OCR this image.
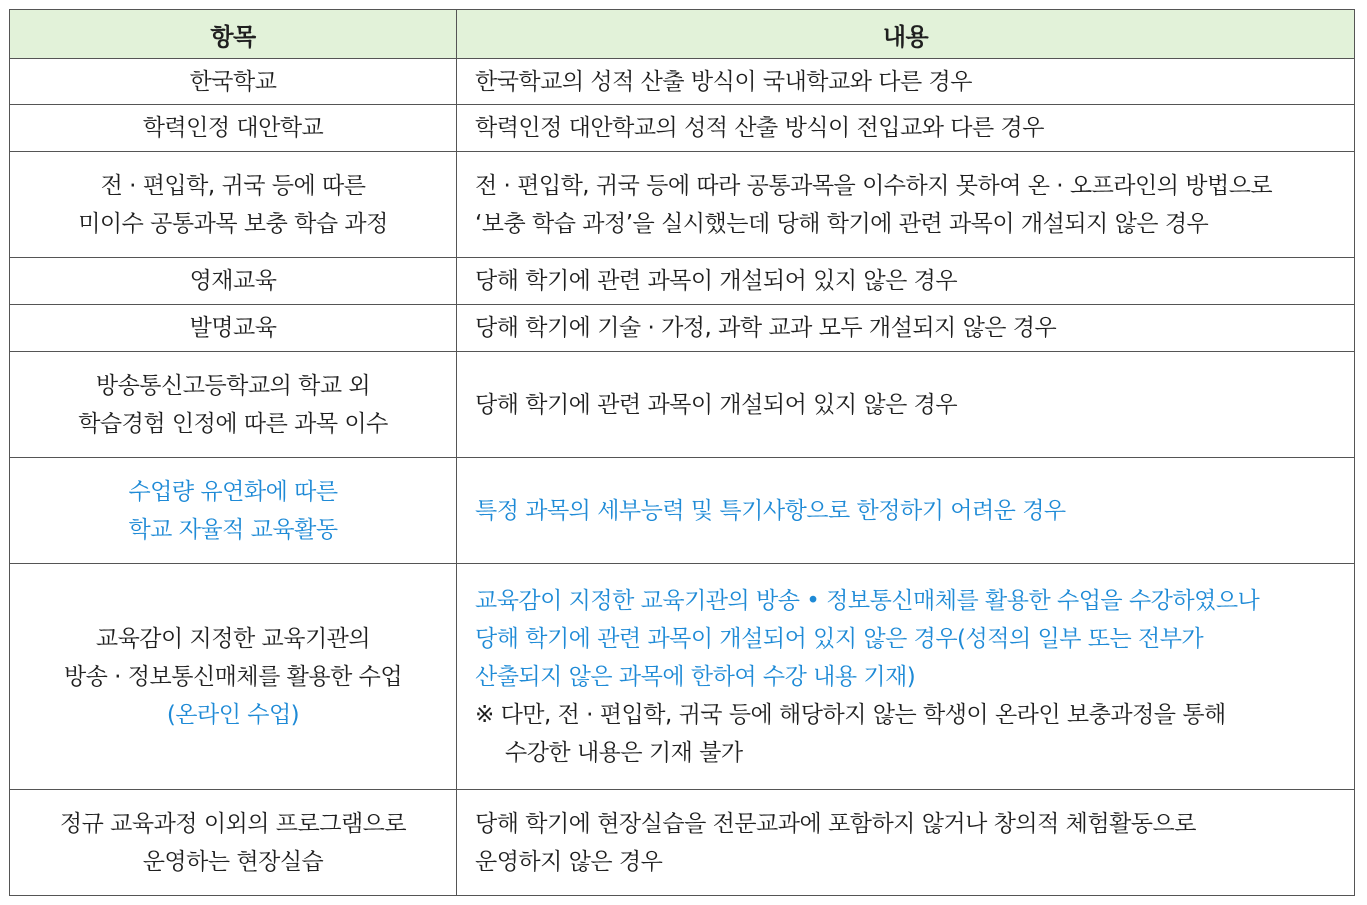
항목	내용

한국학교	한국학교의 성적 산출 방식이 국내학교와 다른 경우

학력인정 대안학교	학력인정 대안학교의 성적 산출 방식이 전입교와 다른 경우

전 · 편입학, 귀국 등에 따른
미이수 공통과목 보충 학습 과정	전 · 편입학, 귀국 등에 따라 공통과목을 이수하지 못하여 온 · 오프라인의 방법으로
‘보충 학습 과정’을 실시했는데 당해 학기에 관련 과목이 개설되지 않은 경우

영재교육	당해 학기에 관련 과목이 개설되어 있지 않은 경우

발명교육	당해 학기에 기술 · 가정, 과학 교과 모두 개설되지 않은 경우

방송통신고등학교의 학교 외
학습경험 인정에 따른 과목 이수	당해 학기에 관련 과목이 개설되어 있지 않은 경우

수업량 유연화에 따른
학교 자율적 교육활동	특정 과목의 세부능력 및 특기사항으로 한정하기 어려운 경우

교육감이 지정한 교육기관의
방송 · 정보통신매체를 활용한 수업
(온라인 수업)	교육감이 지정한 교육기관의 방송 • 정보통신매체를 활용한 수업을 수강하였으나
당해 학기에 관련 과목이 개설되어 있지 않은 경우(성적의 일부 또는 전부가
산출되지 않은 과목에 한하여 수강 내용 기재)
※ 다만, 전 · 편입학, 귀국 등에 해당하지 않는 학생이 온라인 보충과정을 통해
수강한 내용은 기재 불가

정규 교육과정 이외의 프로그램으로
운영하는 현장실습	당해 학기에 현장실습을 전문교과에 포함하지 않거나 창의적 체험활동으로
운영하지 않은 경우
